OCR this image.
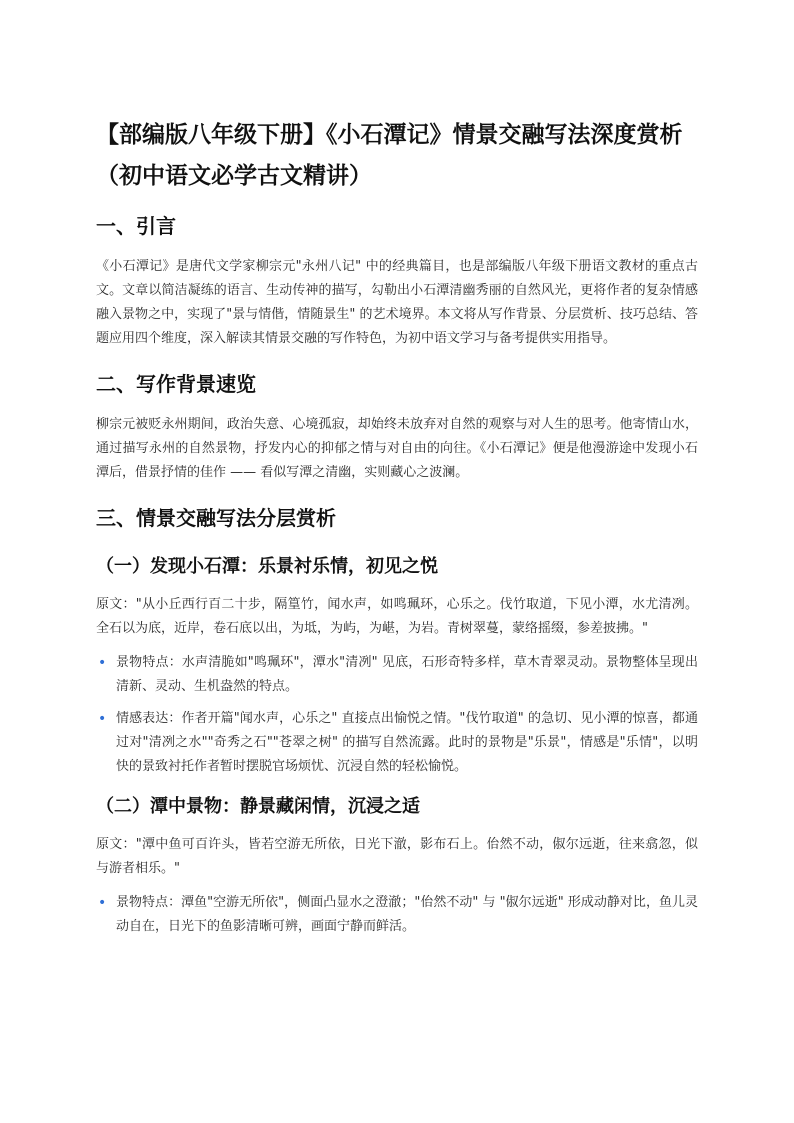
【部编版八年级下册】《小石潭记》情景交融写法深度赏析（初中语文必学古文精讲）
一、引言

《小石潭记》是唐代文学家柳宗元"永州八记" 中的经典篇目，也是部编版八年级下册语文教材的重点古文。文章以简洁凝练的语言、生动传神的描写，勾勒出小石潭清幽秀丽的自然风光，更将作者的复杂情感融入景物之中，实现了"景与情偕，情随景生" 的艺术境界。本文将从写作背景、分层赏析、技巧总结、答题应用四个维度，深入解读其情景交融的写作特色，为初中语文学习与备考提供实用指导。

二、写作背景速览

柳宗元被贬永州期间，政治失意、心境孤寂，却始终未放弃对自然的观察与对人生的思考。他寄情山水，通过描写永州的自然景物，抒发内心的抑郁之情与对自由的向往。《小石潭记》便是他漫游途中发现小石潭后，借景抒情的佳作 —— 看似写潭之清幽，实则藏心之波澜。

三、情景交融写法分层赏析
（一）发现小石潭：乐景衬乐情，初见之悦

原文："从小丘西行百二十步，隔篁竹，闻水声，如鸣珮环，心乐之。伐竹取道，下见小潭，水尤清冽。全石以为底，近岸，卷石底以出，为坻，为屿，为嵁，为岩。青树翠蔓，蒙络摇缀，参差披拂。"

• 景物特点：水声清脆如"鸣珮环"，潭水"清冽" 见底，石形奇特多样，草木青翠灵动。景物整体呈现出清新、灵动、生机盎然的特点。
• 情感表达：作者开篇"闻水声，心乐之" 直接点出愉悦之情。"伐竹取道" 的急切、见小潭的惊喜，都通过对"清冽之水""奇秀之石""苍翠之树" 的描写自然流露。此时的景物是"乐景"，情感是"乐情"，以明快的景致衬托作者暂时摆脱官场烦忧、沉浸自然的轻松愉悦。
（二）潭中景物：静景藏闲情，沉浸之适

原文："潭中鱼可百许头，皆若空游无所依，日光下澈，影布石上。佁然不动，俶尔远逝，往来翕忽，似与游者相乐。"

• 景物特点：潭鱼"空游无所依"，侧面凸显水之澄澈；"佁然不动" 与 "俶尔远逝" 形成动静对比，鱼儿灵动自在，日光下的鱼影清晰可辨，画面宁静而鲜活。
